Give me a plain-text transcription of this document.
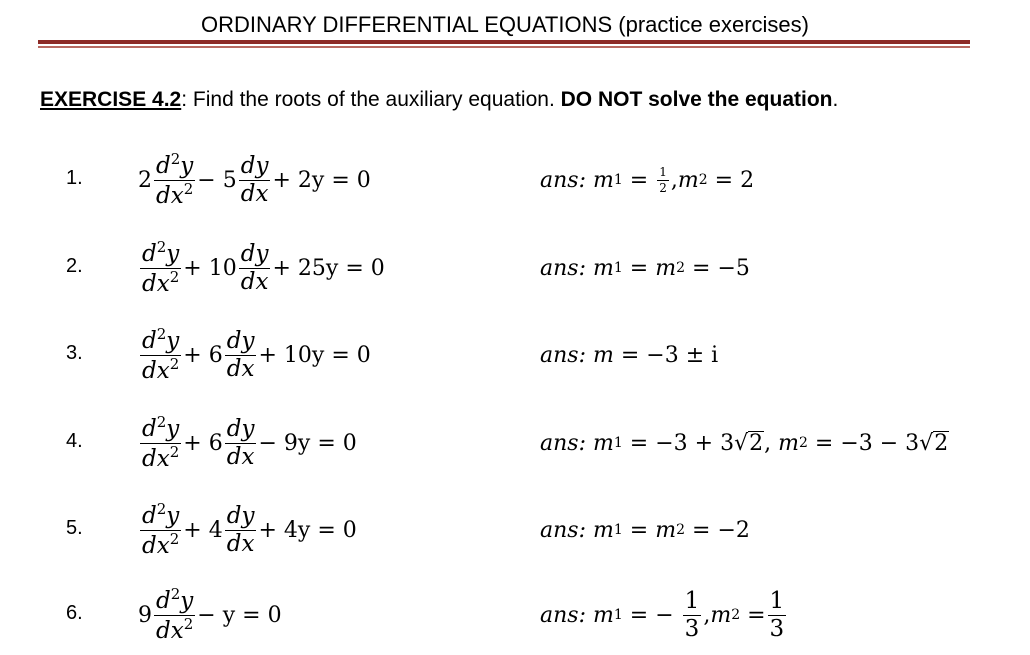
ORDINARY DIFFERENTIAL EQUATIONS (practice exercises)
EXERCISE 4.2: Find the roots of the auxiliary equation. DO NOT solve the equation.
1.	$2 \frac{d^2y}{dx^2} - 5 \frac{dy}{dx} + 2y = 0$	ans: m $1 = \frac{1}{2}$ , m 2 = 2
2. $\frac{d^2y}{dx^2} + 10 \frac{dy}{dx} + 25y = 0$	ans: m 1 = m 2 = −5
3. $\frac{d^2y}{dx^2} + 6 \frac{dy}{dx} + 10y = 0$	ans: m = −3 ± i
4. $\frac{d^2y}{dx^2} + 6 \frac{dy}{dx} - 9y = 0$	ans: m 1 = −3 + 3 √ 2 , m 2 = −3 − 3 √ 2
5. $\frac{d^2y}{dx^2} + 4 \frac{dy}{dx} + 4y = 0$	ans: m 1 = m 2 = −2
6.	$9 \frac{d^2y}{dx^2} - y = 0$	ans: m 1 = − $\frac{1}{3}$ , m $2 = \frac{1}{3}$
